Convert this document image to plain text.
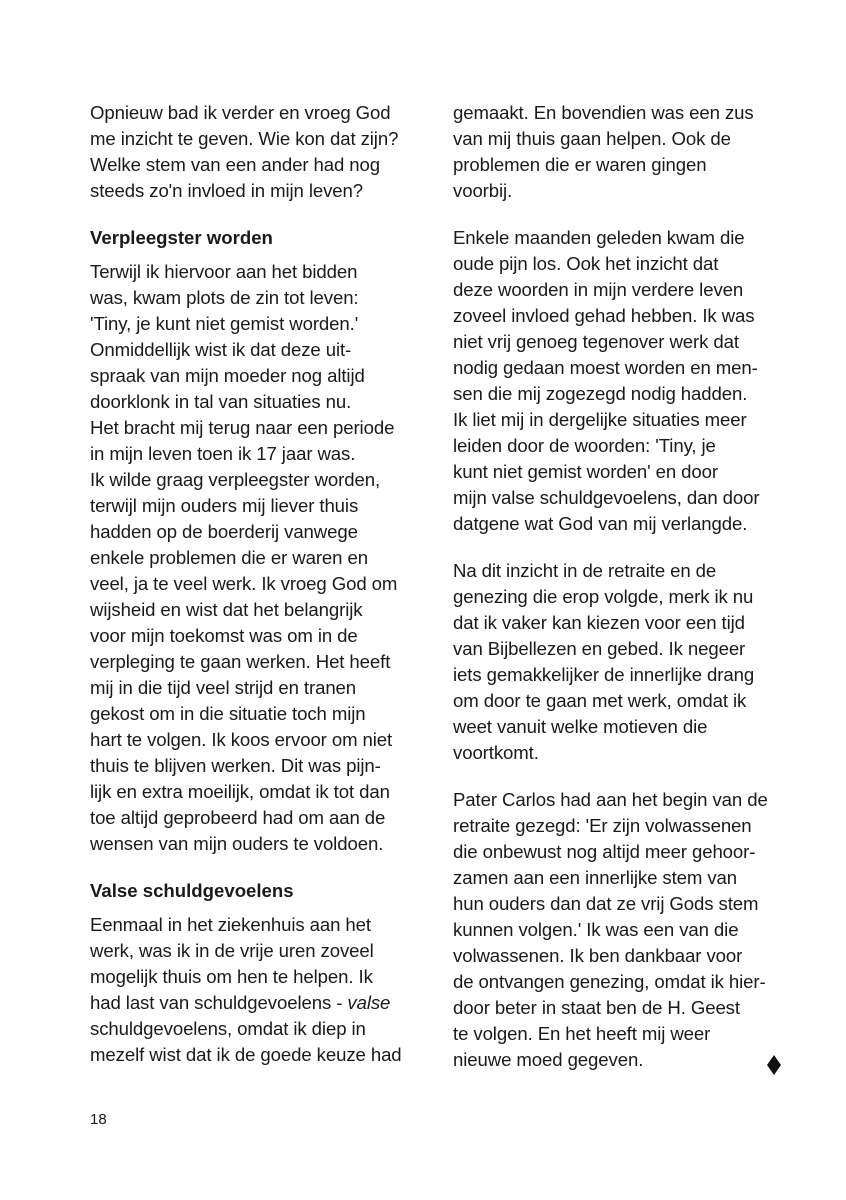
Opnieuw bad ik verder en vroeg God
me inzicht te geven. Wie kon dat zijn?
Welke stem van een ander had nog
steeds zo'n invloed in mijn leven?

Verpleegster worden

Terwijl ik hiervoor aan het bidden
was, kwam plots de zin tot leven:
'Tiny, je kunt niet gemist worden.'
Onmiddellijk wist ik dat deze uit-
spraak van mijn moeder nog altijd
doorklonk in tal van situaties nu.
Het bracht mij terug naar een periode
in mijn leven toen ik 17 jaar was.
Ik wilde graag verpleegster worden,
terwijl mijn ouders mij liever thuis
hadden op de boerderij vanwege
enkele problemen die er waren en
veel, ja te veel werk. Ik vroeg God om
wijsheid en wist dat het belangrijk
voor mijn toekomst was om in de
verpleging te gaan werken. Het heeft
mij in die tijd veel strijd en tranen
gekost om in die situatie toch mijn
hart te volgen. Ik koos ervoor om niet
thuis te blijven werken. Dit was pijn-
lijk en extra moeilijk, omdat ik tot dan
toe altijd geprobeerd had om aan de
wensen van mijn ouders te voldoen.

Valse schuldgevoelens

Eenmaal in het ziekenhuis aan het
werk, was ik in de vrije uren zoveel
mogelijk thuis om hen te helpen. Ik
had last van schuldgevoelens - valse
schuldgevoelens, omdat ik diep in
mezelf wist dat ik de goede keuze had

gemaakt. En bovendien was een zus
van mij thuis gaan helpen. Ook de
problemen die er waren gingen
voorbij.

Enkele maanden geleden kwam die
oude pijn los. Ook het inzicht dat
deze woorden in mijn verdere leven
zoveel invloed gehad hebben. Ik was
niet vrij genoeg tegenover werk dat
nodig gedaan moest worden en men-
sen die mij zogezegd nodig hadden.
Ik liet mij in dergelijke situaties meer
leiden door de woorden: 'Tiny, je
kunt niet gemist worden' en door
mijn valse schuldgevoelens, dan door
datgene wat God van mij verlangde.

Na dit inzicht in de retraite en de
genezing die erop volgde, merk ik nu
dat ik vaker kan kiezen voor een tijd
van Bijbellezen en gebed. Ik negeer
iets gemakkelijker de innerlijke drang
om door te gaan met werk, omdat ik
weet vanuit welke motieven die
voortkomt.

Pater Carlos had aan het begin van de
retraite gezegd: 'Er zijn volwassenen
die onbewust nog altijd meer gehoor-
zamen aan een innerlijke stem van
hun ouders dan dat ze vrij Gods stem
kunnen volgen.' Ik was een van die
volwassenen. Ik ben dankbaar voor
de ontvangen genezing, omdat ik hier-
door beter in staat ben de H. Geest
te volgen. En het heeft mij weer
nieuwe moed gegeven.

18
